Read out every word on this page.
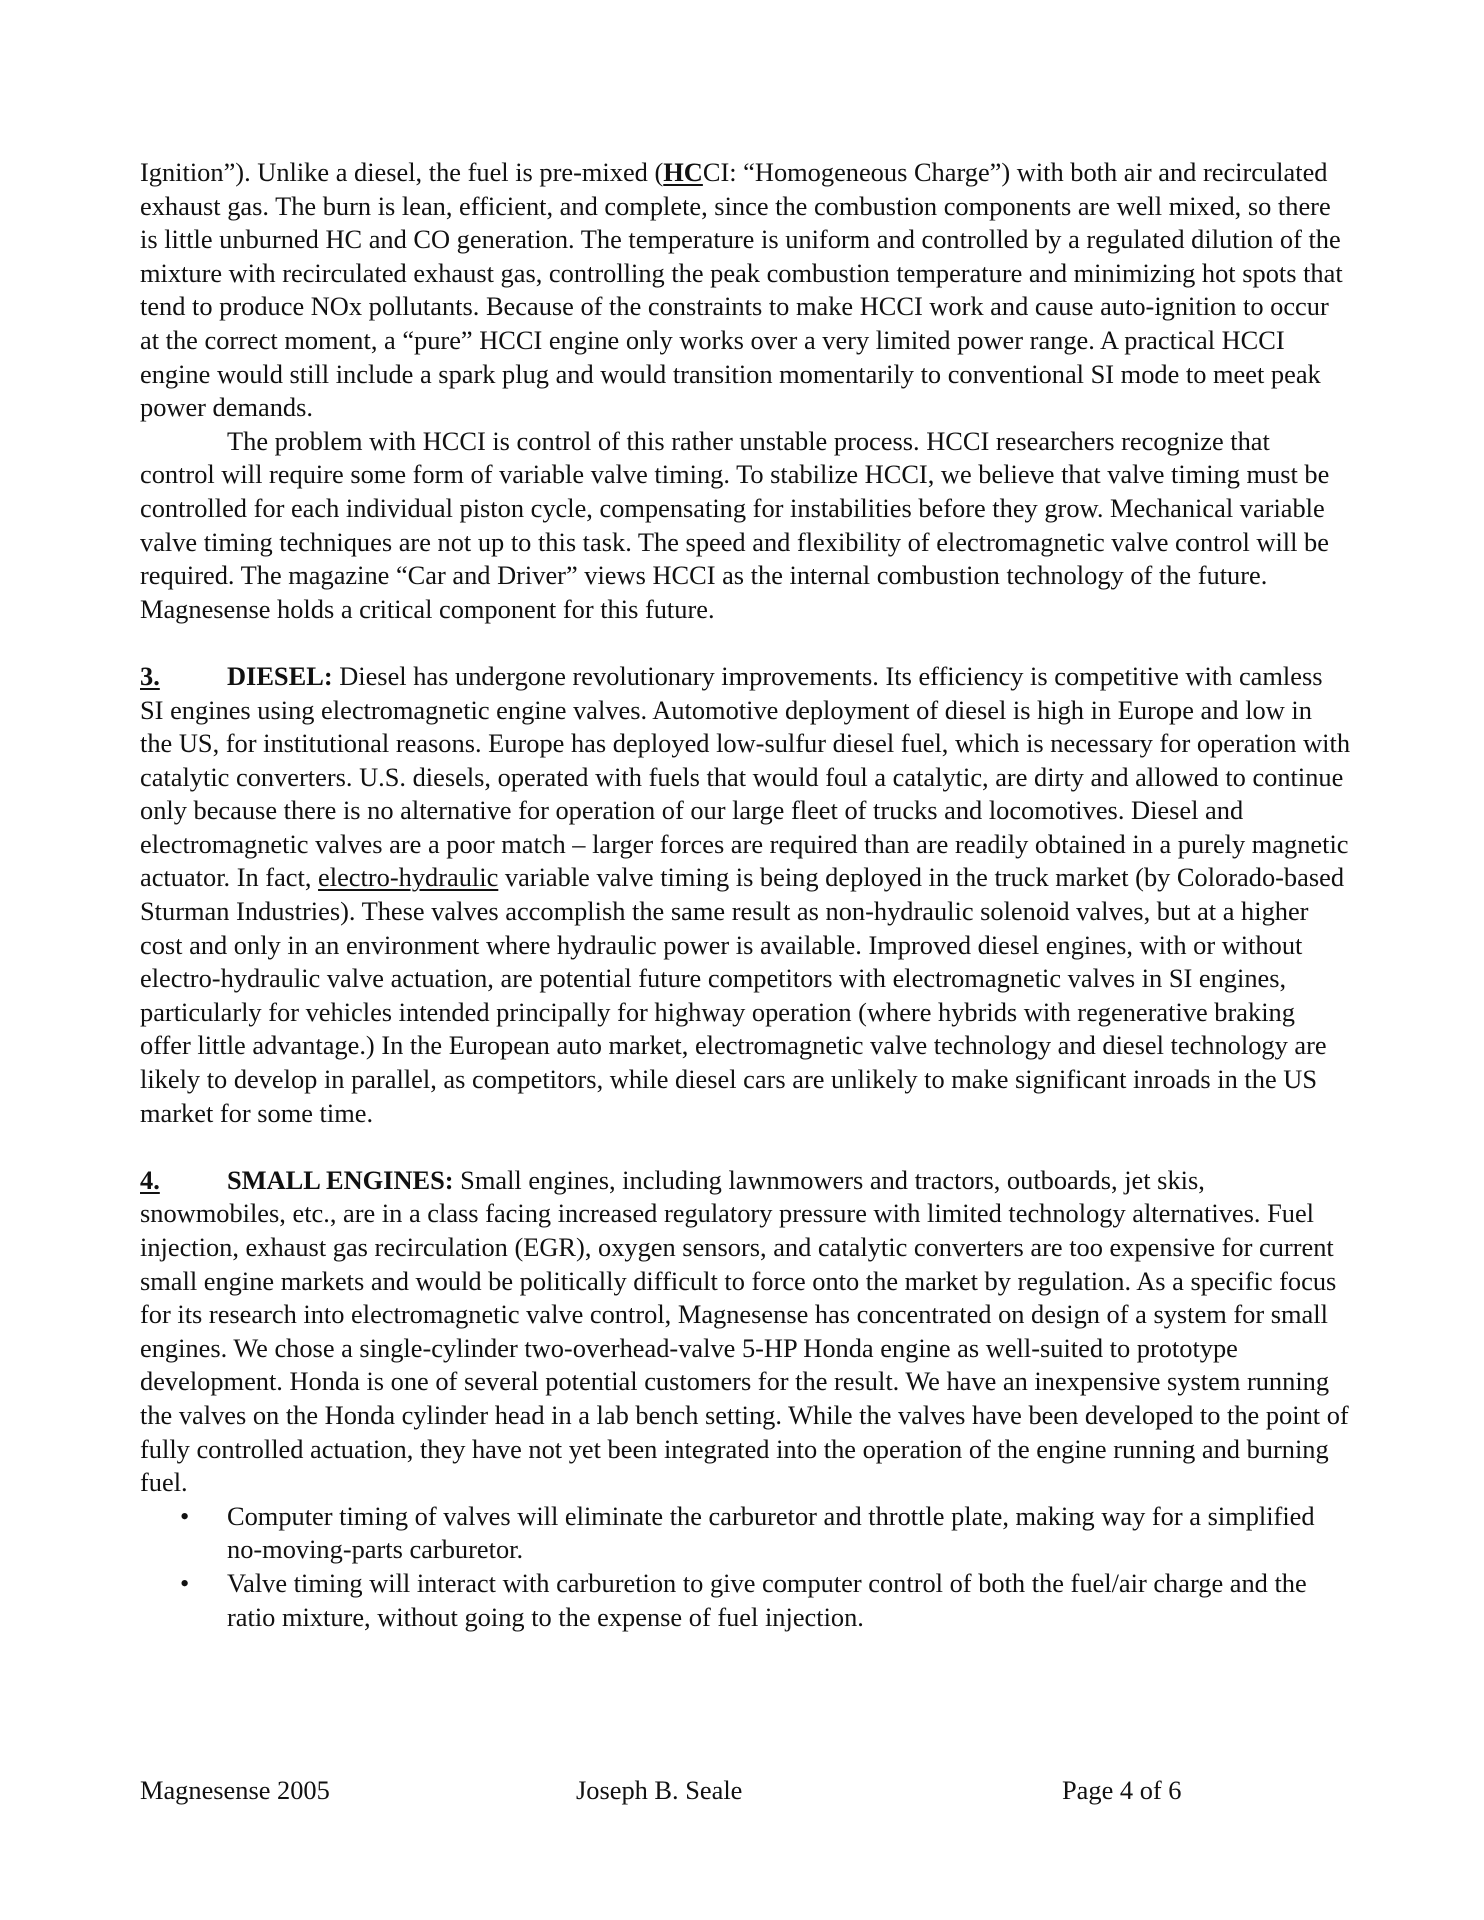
Ignition”). Unlike a diesel, the fuel is pre-mixed (HCCI: “Homogeneous Charge”) with both air and recirculated exhaust gas. The burn is lean, efficient, and complete, since the combustion components are well mixed, so there is little unburned HC and CO generation. The temperature is uniform and controlled by a regulated dilution of the mixture with recirculated exhaust gas, controlling the peak combustion temperature and minimizing hot spots that tend to produce NOx pollutants. Because of the constraints to make HCCI work and cause auto-ignition to occur at the correct moment, a “pure” HCCI engine only works over a very limited power range. A practical HCCI engine would still include a spark plug and would transition momentarily to conventional SI mode to meet peak power demands.

The problem with HCCI is control of this rather unstable process. HCCI researchers recognize that control will require some form of variable valve timing. To stabilize HCCI, we believe that valve timing must be controlled for each individual piston cycle, compensating for instabilities before they grow. Mechanical variable valve timing techniques are not up to this task. The speed and flexibility of electromagnetic valve control will be required. The magazine “Car and Driver” views HCCI as the internal combustion technology of the future. Magnesense holds a critical component for this future.

3.	DIESEL: Diesel has undergone revolutionary improvements. Its efficiency is competitive with camless SI engines using electromagnetic engine valves. Automotive deployment of diesel is high in Europe and low in the US, for institutional reasons. Europe has deployed low-sulfur diesel fuel, which is necessary for operation with catalytic converters. U.S. diesels, operated with fuels that would foul a catalytic, are dirty and allowed to continue only because there is no alternative for operation of our large fleet of trucks and locomotives. Diesel and electromagnetic valves are a poor match – larger forces are required than are readily obtained in a purely magnetic actuator. In fact, electro-hydraulic variable valve timing is being deployed in the truck market (by Colorado-based Sturman Industries). These valves accomplish the same result as non-hydraulic solenoid valves, but at a higher cost and only in an environment where hydraulic power is available. Improved diesel engines, with or without electro-hydraulic valve actuation, are potential future competitors with electromagnetic valves in SI engines, particularly for vehicles intended principally for highway operation (where hybrids with regenerative braking offer little advantage.) In the European auto market, electromagnetic valve technology and diesel technology are likely to develop in parallel, as competitors, while diesel cars are unlikely to make significant inroads in the US market for some time.

4.	SMALL ENGINES: Small engines, including lawnmowers and tractors, outboards, jet skis, snowmobiles, etc., are in a class facing increased regulatory pressure with limited technology alternatives. Fuel injection, exhaust gas recirculation (EGR), oxygen sensors, and catalytic converters are too expensive for current small engine markets and would be politically difficult to force onto the market by regulation. As a specific focus for its research into electromagnetic valve control, Magnesense has concentrated on design of a system for small engines. We chose a single-cylinder two-overhead-valve 5-HP Honda engine as well-suited to prototype development. Honda is one of several potential customers for the result. We have an inexpensive system running the valves on the Honda cylinder head in a lab bench setting. While the valves have been developed to the point of fully controlled actuation, they have not yet been integrated into the operation of the engine running and burning fuel.

• Computer timing of valves will eliminate the carburetor and throttle plate, making way for a simplified no-moving-parts carburetor.
• Valve timing will interact with carburetion to give computer control of both the fuel/air charge and the ratio mixture, without going to the expense of fuel injection.
Magnesense 2005	Joseph B. Seale	Page 4 of 6
